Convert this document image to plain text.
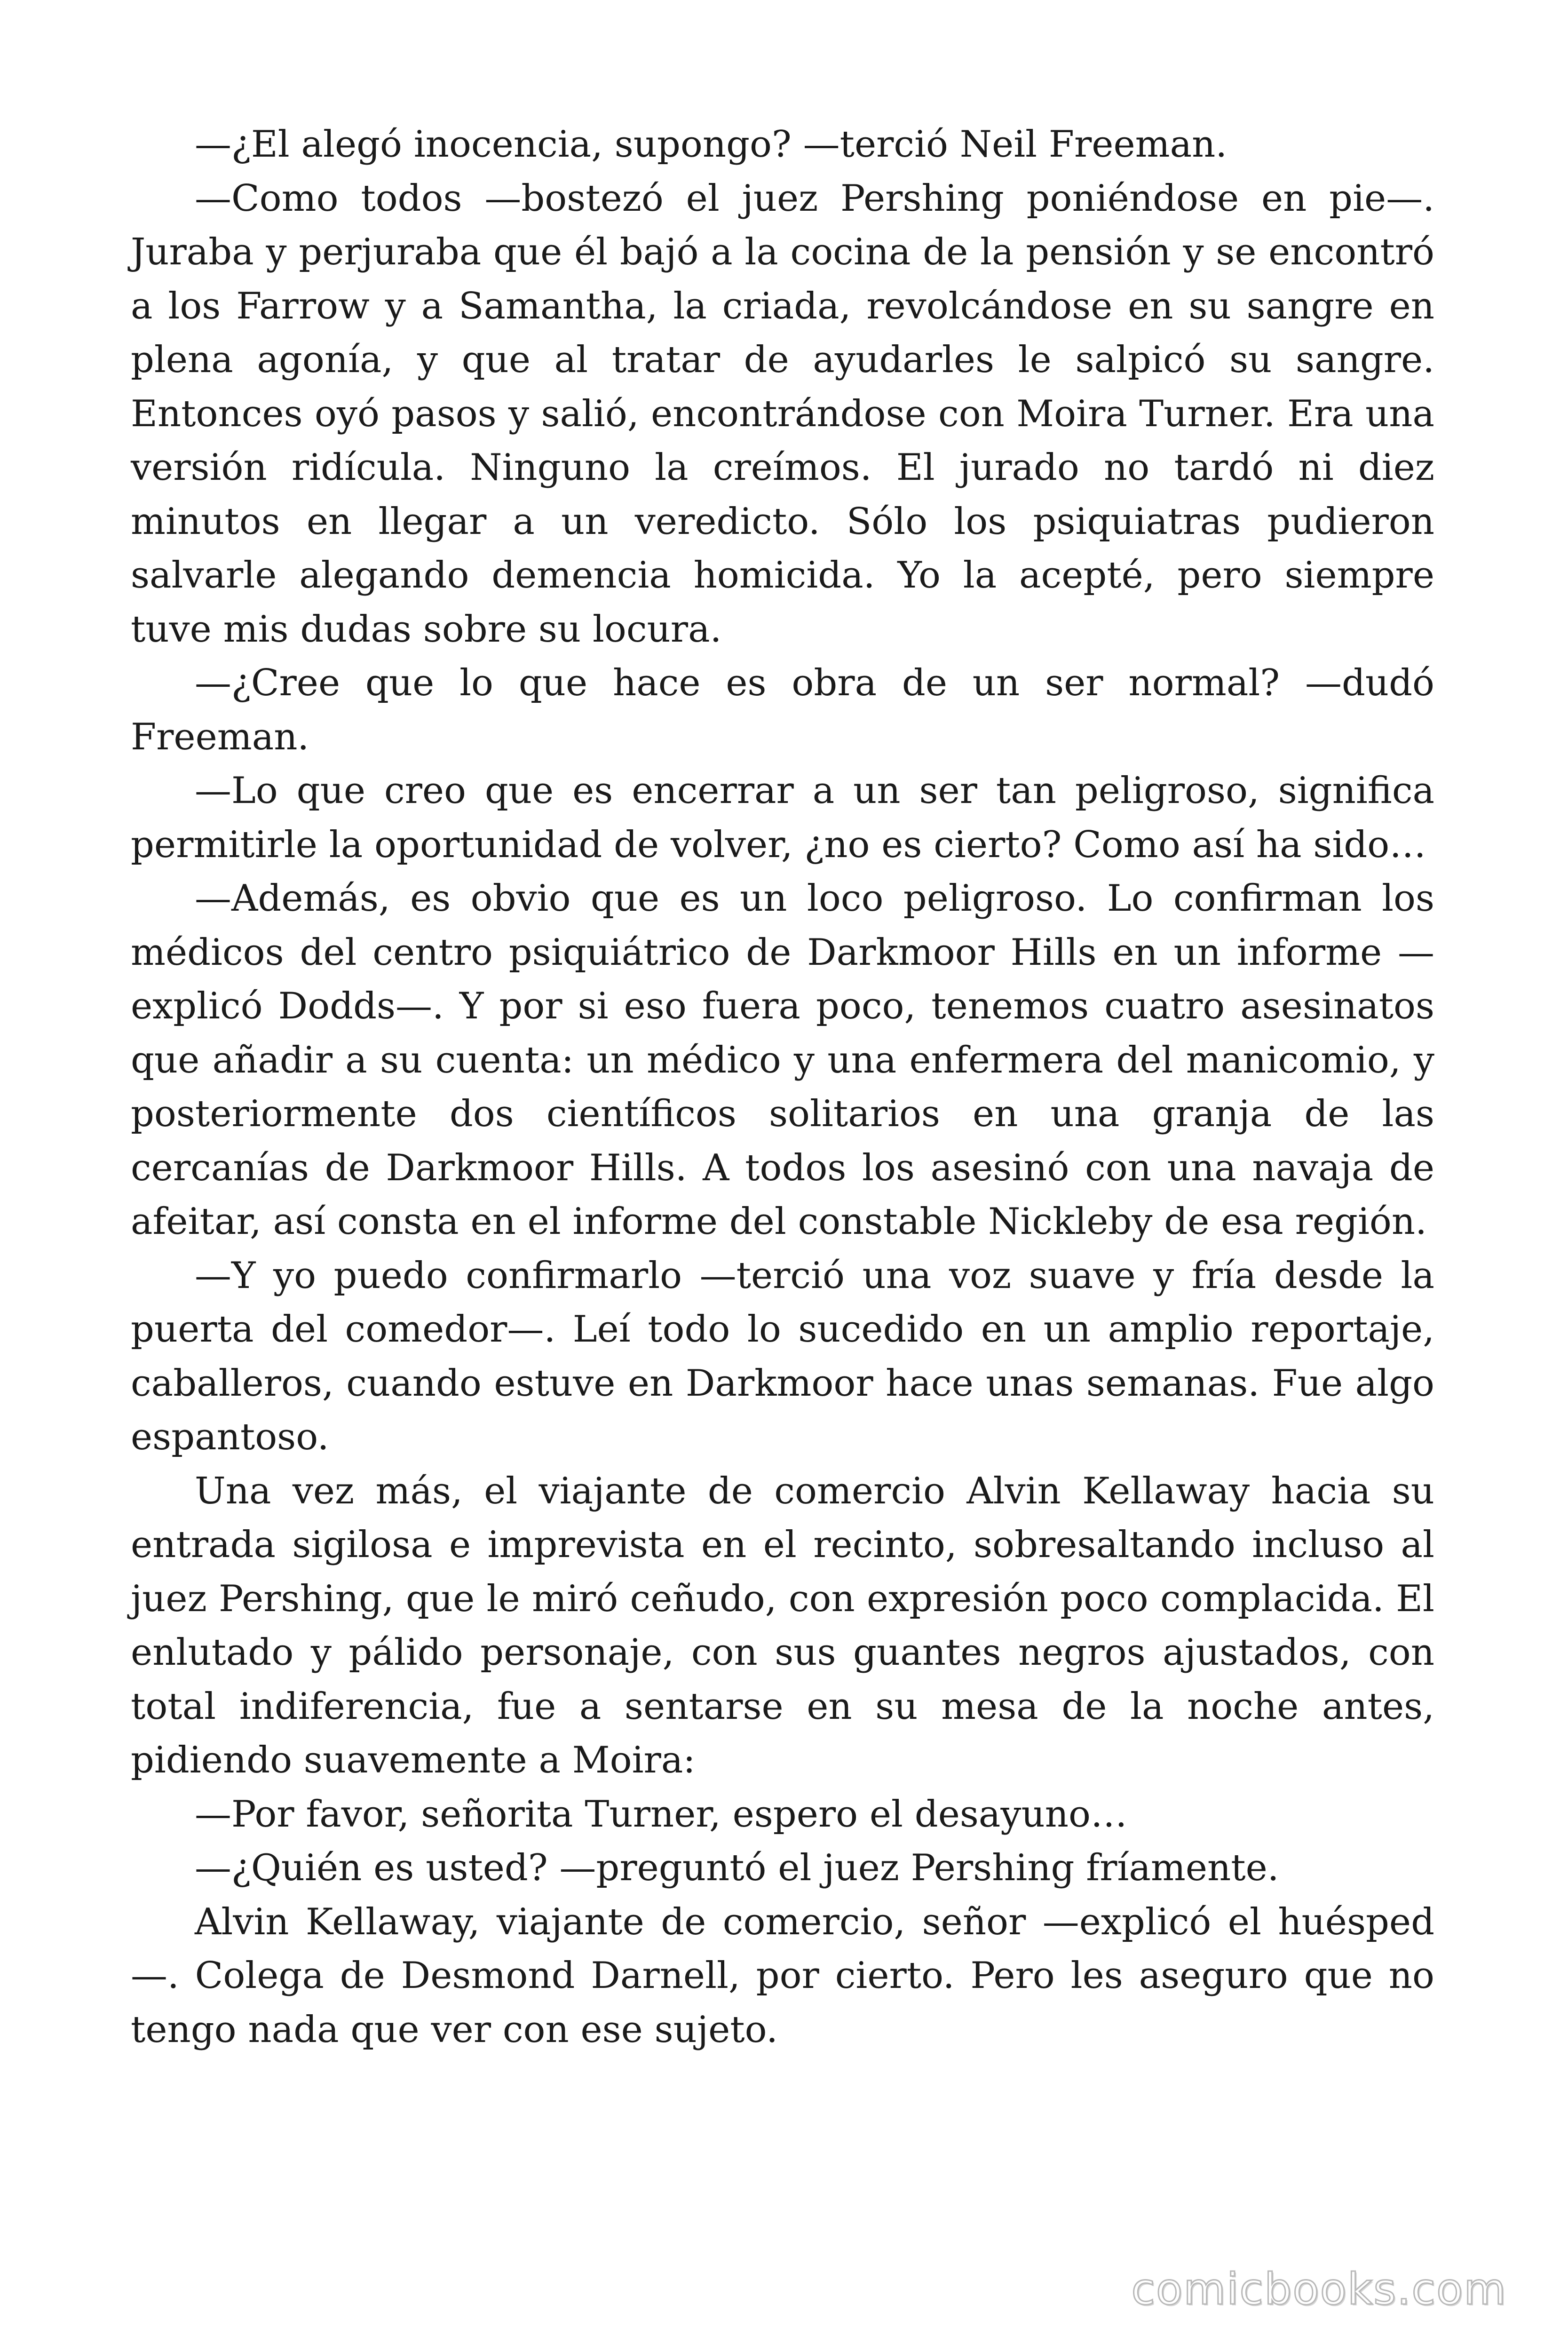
—¿El alegó inocencia, supongo? —terció Neil Freeman.

—Como todos —bostezó el juez Pershing poniéndose en pie—. Juraba y perjuraba que él bajó a la cocina de la pensión y se encontró a los Farrow y a Samantha, la criada, revolcándose en su sangre en plena agonía, y que al tratar de ayudarles le salpicó su sangre. Entonces oyó pasos y salió, encontrándose con Moira Turner. Era una versión ridícula. Ninguno la creímos. El jurado no tardó ni diez minutos en llegar a un veredicto. Sólo los psiquiatras pudieron salvarle alegando demencia homicida. Yo la acepté, pero siempre tuve mis dudas sobre su locura.

—¿Cree que lo que hace es obra de un ser normal? —dudó Freeman.

—Lo que creo que es encerrar a un ser tan peligroso, significa permitirle la oportunidad de volver, ¿no es cierto? Como así ha sido…

—Además, es obvio que es un loco peligroso. Lo confirman los médicos del centro psiquiátrico de Darkmoor Hills en un informe —explicó Dodds—. Y por si eso fuera poco, tenemos cuatro asesinatos que añadir a su cuenta: un médico y una enfermera del manicomio, y posteriormente dos científicos solitarios en una granja de las cercanías de Darkmoor Hills. A todos los asesinó con una navaja de afeitar, así consta en el informe del constable Nickleby de esa región.

—Y yo puedo confirmarlo —terció una voz suave y fría desde la puerta del comedor—. Leí todo lo sucedido en un amplio reportaje, caballeros, cuando estuve en Darkmoor hace unas semanas. Fue algo espantoso.

Una vez más, el viajante de comercio Alvin Kellaway hacia su entrada sigilosa e imprevista en el recinto, sobresaltando incluso al juez Pershing, que le miró ceñudo, con expresión poco complacida. El enlutado y pálido personaje, con sus guantes negros ajustados, con total indiferencia, fue a sentarse en su mesa de la noche antes, pidiendo suavemente a Moira:

—Por favor, señorita Turner, espero el desayuno…

—¿Quién es usted? —preguntó el juez Pershing fríamente.

Alvin Kellaway, viajante de comercio, señor —explicó el huésped—. Colega de Desmond Darnell, por cierto. Pero les aseguro que no tengo nada que ver con ese sujeto.

comicbooks.com
